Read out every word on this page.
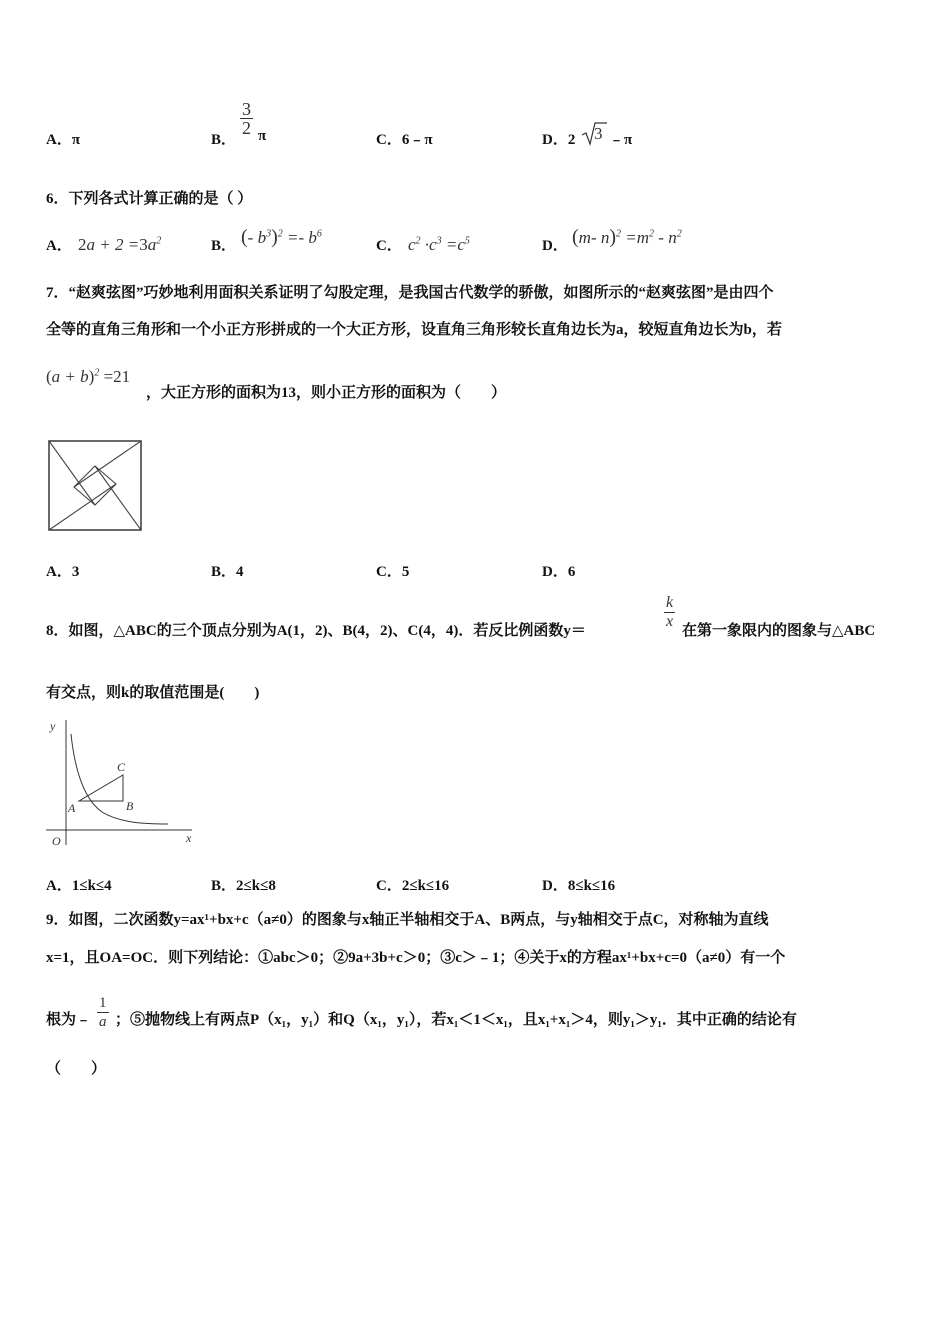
A．π	B．
$\frac{3}{2}$ π	C．6﹣π	D．2 3 ﹣π
6．下列各式计算正确的是（ ）
A． $2a + 2 =3a^2$	B． (- $b^3)^2 =- b^6$
C． $c^2 \cdot c^3 =c^5$	D． (m- $n)^2 =m^2 - n^2$
7．“赵爽弦图”巧妙地利用面积关系证明了勾股定理，是我国古代数学的骄傲，如图所示的“赵爽弦图”是由四个
全等的直角三角形和一个小正方形拼成的一个大正方形，设直角三角形较长直角边长为a，较短直角边长为b，若
$(a + b)^2 =21$
，大正方形的面积为13，则小正方形的面积为（　　）
A．3	B．4	C．5	D．6
8．如图，△ABC的三个顶点分别为A(1，2)、B(4，2)、C(4，4)．若反比例函数y＝	$\frac{k}{x}$ 在第一象限内的图象与△ABC
有交点，则k的取值范围是(　　)
y
x
O
A	B
C
A．1≤k≤4	B．2≤k≤8	C．2≤k≤16	D．8≤k≤16
9．如图，二次函数y=ax¹+bx+c（a≠0）的图象与x轴正半轴相交于A、B两点，与y轴相交于点C，对称轴为直线
x=1，且OA=OC．则下列结论：①abc＞0；②9a+3b+c＞0；③c＞﹣1；④关于x的方程ax¹+bx+c=0（a≠0）有一个
根为﹣ $\frac{1}{a}$ ；⑤抛物线上有两点P（x₁，y₁）和Q（x₁，y₁），若x₁＜1＜x₁，且x₁+x₁＞4，则y₁＞y₁．其中正确的结论有
（　　）
